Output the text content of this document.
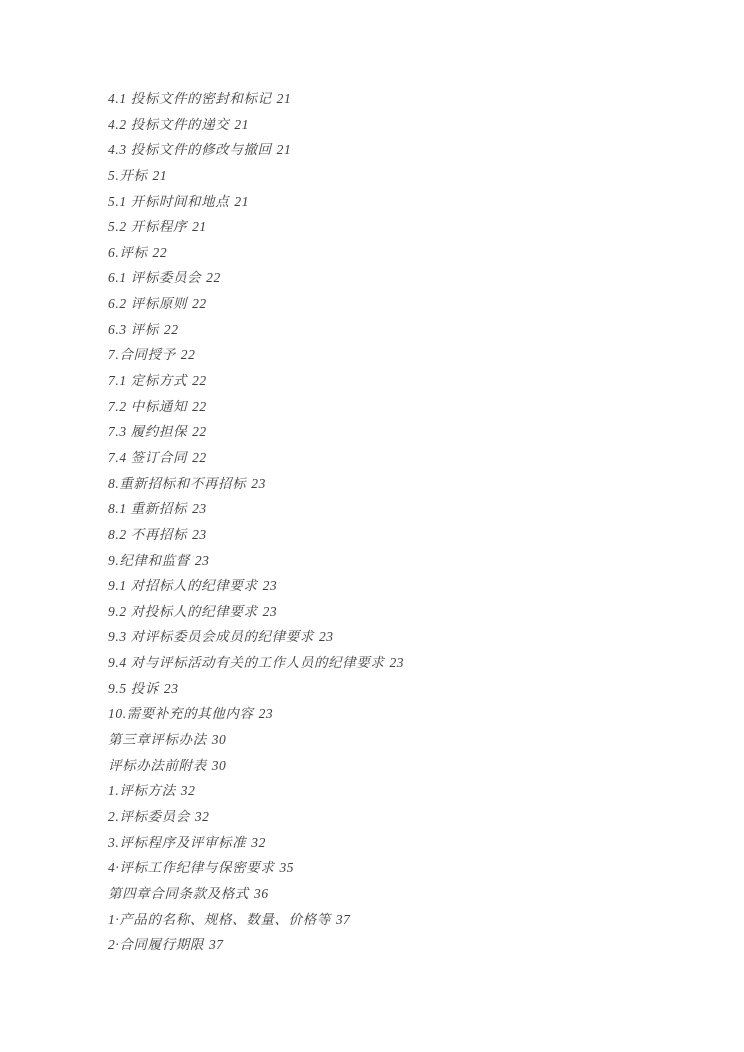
4.1 投标文件的密封和标记 21
4.2 投标文件的递交 21
4.3 投标文件的修改与撤回 21
5.开标 21
5.1 开标时间和地点 21
5.2 开标程序 21
6.评标 22
6.1 评标委员会 22
6.2 评标原则 22
6.3 评标 22
7.合同授予 22
7.1 定标方式 22
7.2 中标通知 22
7.3 履约担保 22
7.4 签订合同 22
8.重新招标和不再招标 23
8.1 重新招标 23
8.2 不再招标 23
9.纪律和监督 23
9.1 对招标人的纪律要求 23
9.2 对投标人的纪律要求 23
9.3 对评标委员会成员的纪律要求 23
9.4 对与评标活动有关的工作人员的纪律要求 23
9.5 投诉 23
10.需要补充的其他内容 23
第三章评标办法 30
评标办法前附表 30
1.评标方法 32
2.评标委员会 32
3.评标程序及评审标准 32
4·评标工作纪律与保密要求 35
第四章合同条款及格式 36
1·产品的名称、规格、数量、价格等 37
2·合同履行期限 37
